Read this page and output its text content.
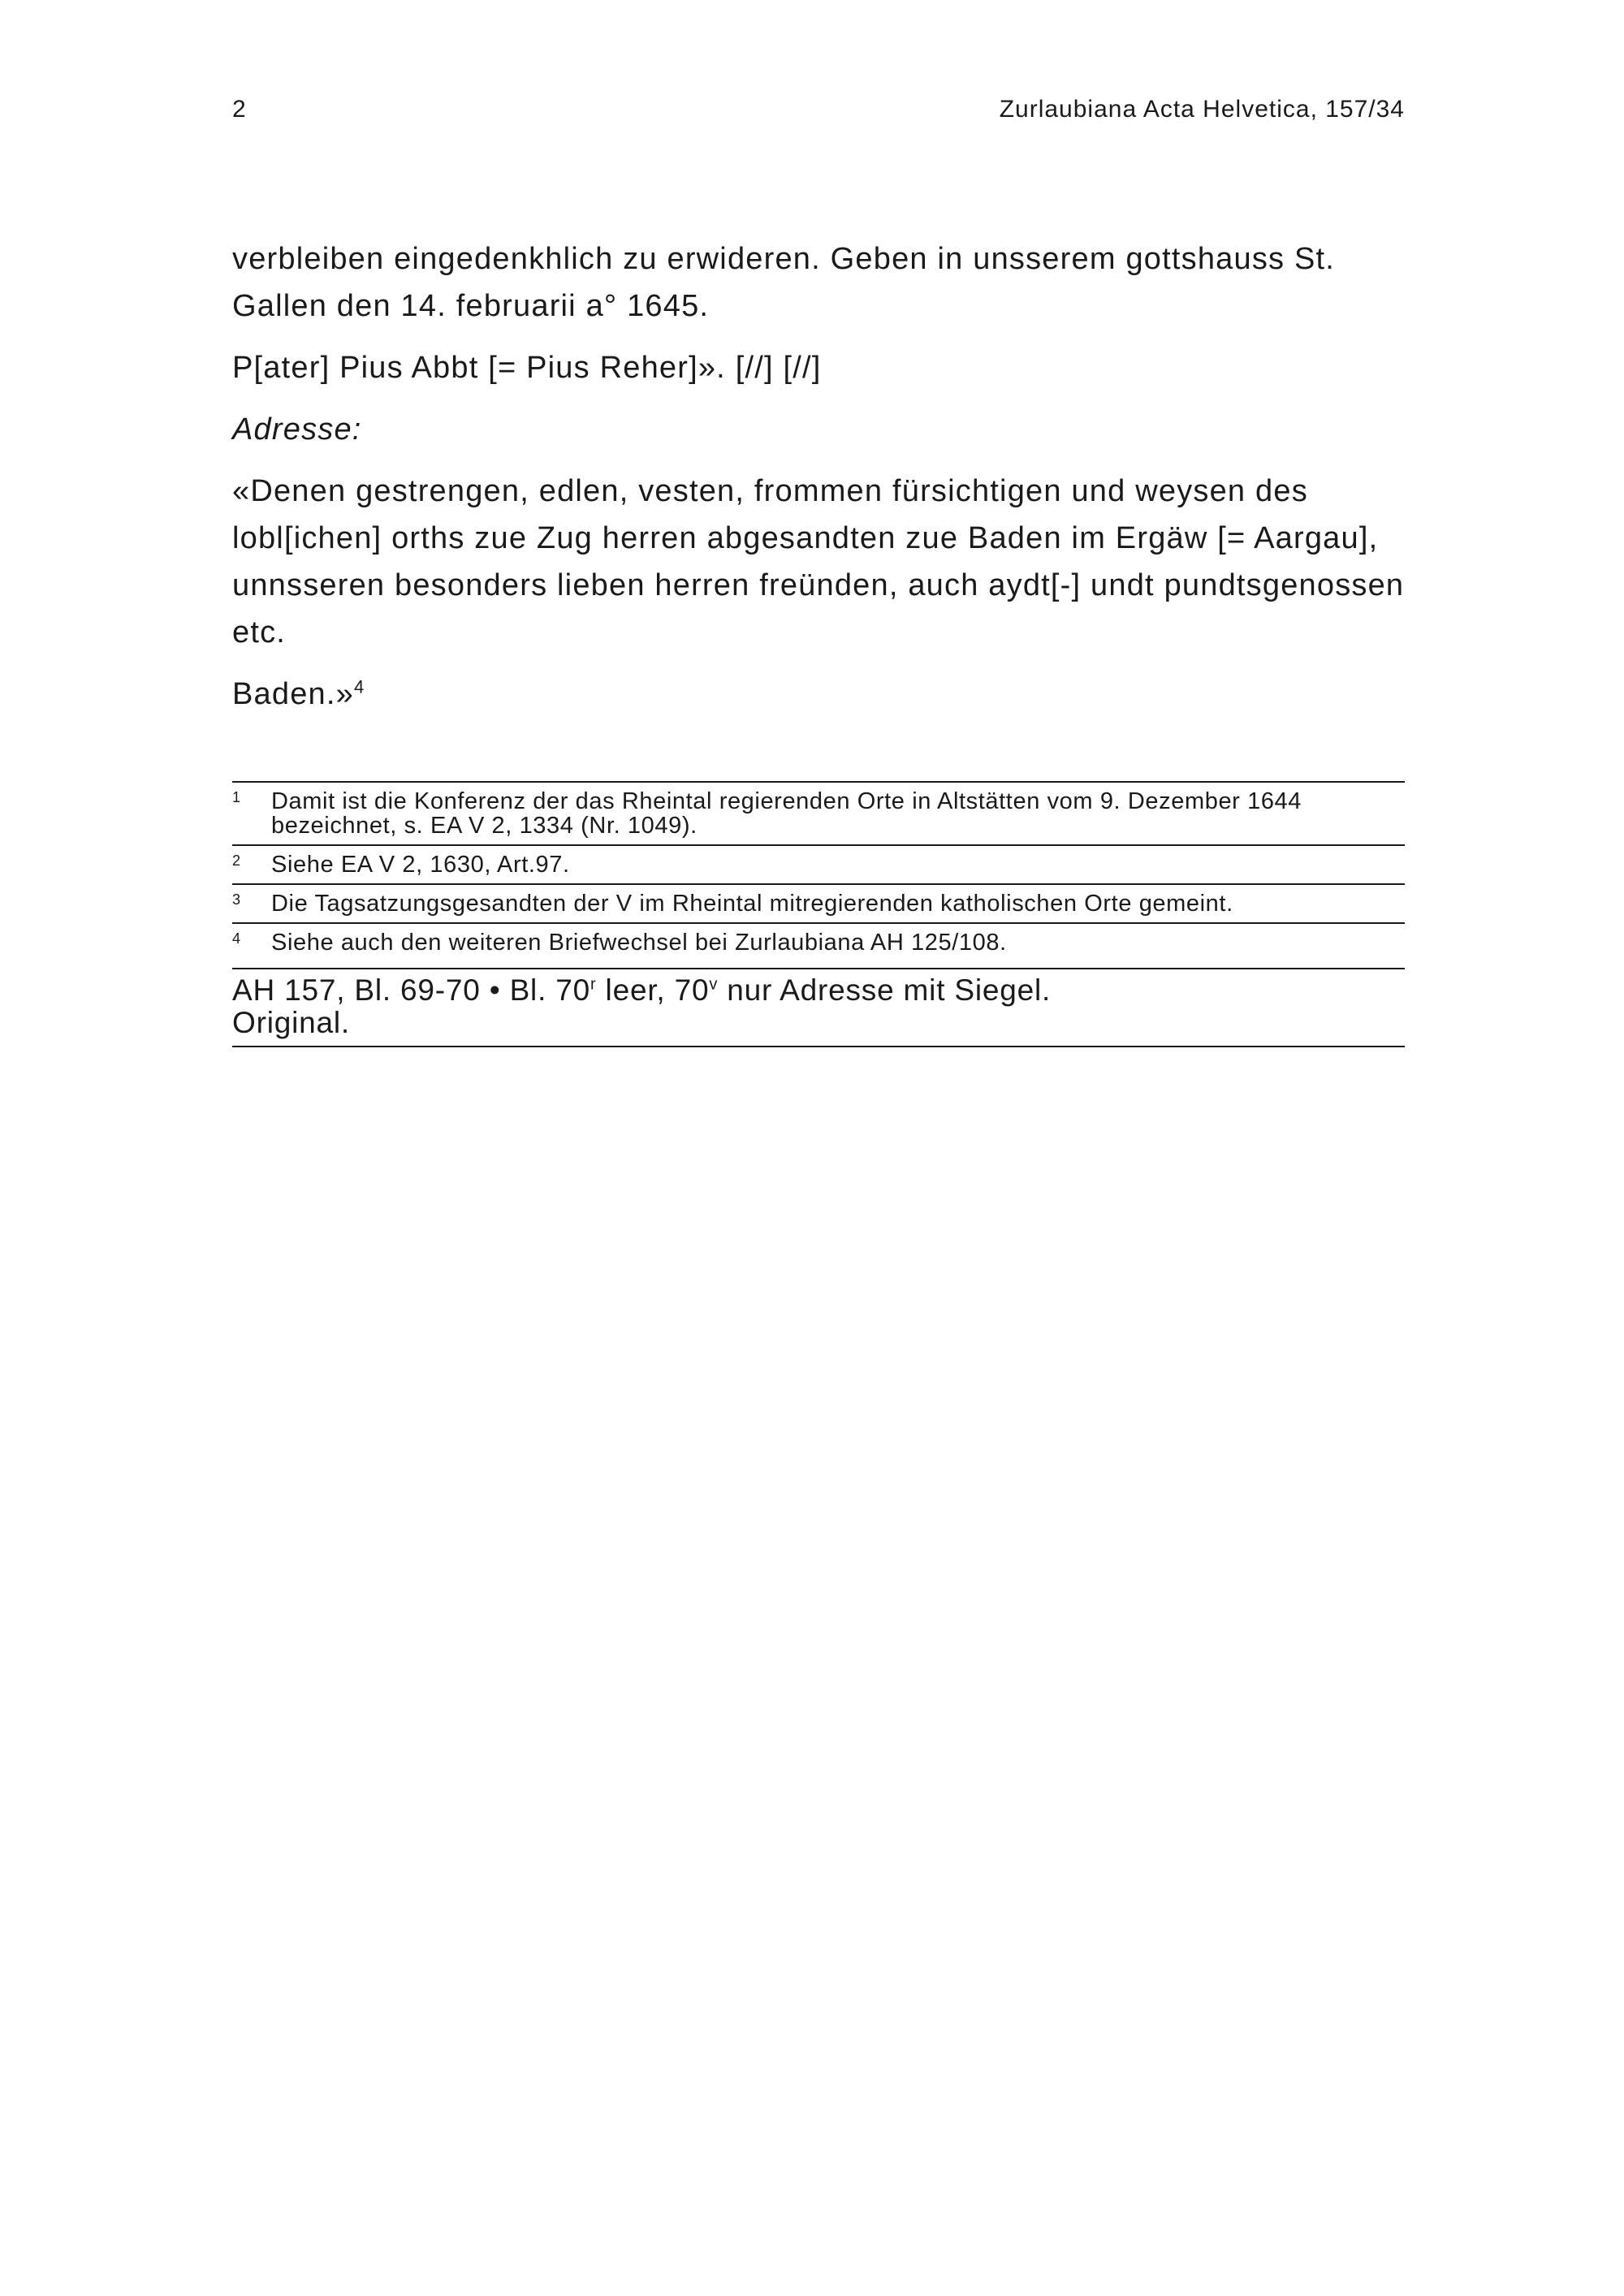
2	Zurlaubiana Acta Helvetica, 157/34

verbleiben eingedenkhlich zu erwideren. Geben in unsserem gottshauss St. Gallen den 14. februarii a° 1645.

P[ater] Pius Abbt [= Pius Reher]». [//] [//]

Adresse:

«Denen gestrengen, edlen, vesten, frommen fürsichtigen und weysen des lobl[ichen] orths zue Zug herren abgesandten zue Baden im Ergäw [= Aargau], unnsseren besonders lieben herren freünden, auch aydt[-] undt pundtsgenossen etc.

Baden.»$^4$

1	Damit ist die Konferenz der das Rheintal regierenden Orte in Altstätten vom 9. Dezember 1644 bezeichnet, s. EA V 2, 1334 (Nr. 1049).
2	Siehe EA V 2, 1630, Art.97.
3	Die Tagsatzungsgesandten der V im Rheintal mitregierenden katholischen Orte gemeint.
4	Siehe auch den weiteren Briefwechsel bei Zurlaubiana AH 125/108.
AH 157, Bl. 69-70 • Bl. 70$^r$ leer, 70$^v$ nur Adresse mit Siegel.
Original.
